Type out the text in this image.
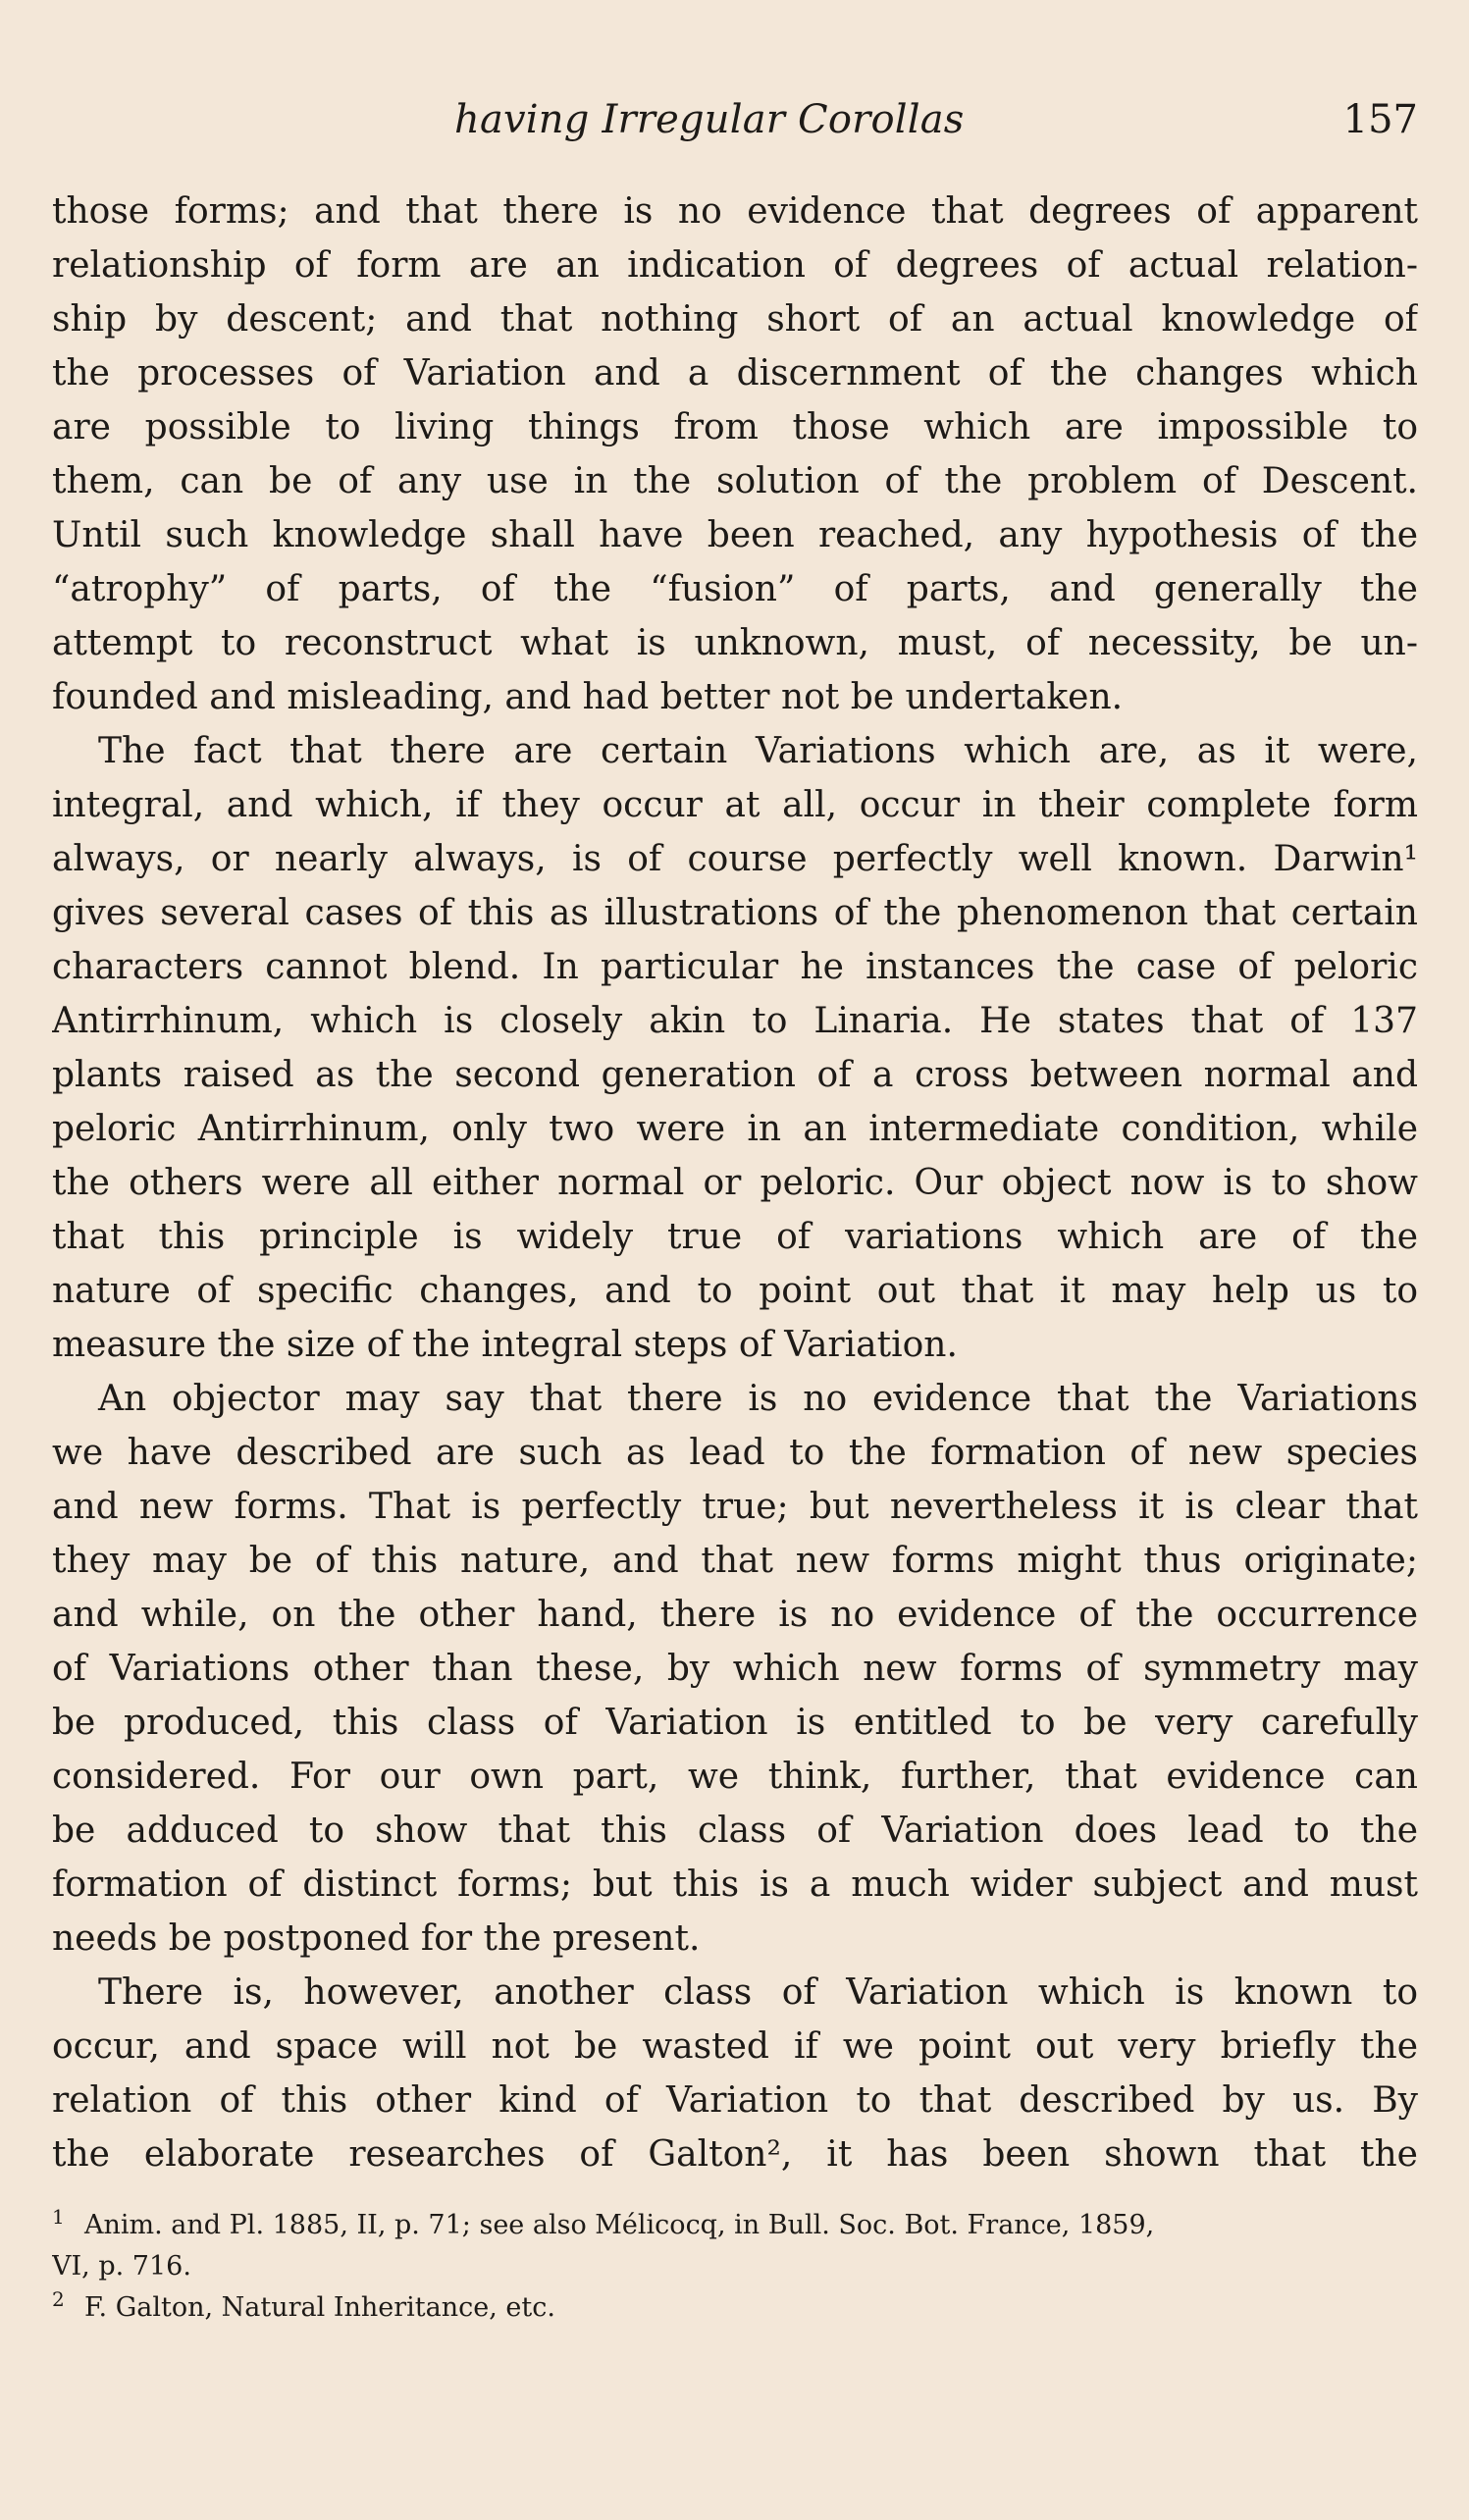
having Irregular Corollas	157
those forms; and that there is no evidence that degrees of apparent
relationship of form are an indication of degrees of actual relation-
ship by descent; and that nothing short of an actual knowledge of
the processes of Variation and a discernment of the changes which
are possible to living things from those which are impossible to
them, can be of any use in the solution of the problem of Descent.
Until such knowledge shall have been reached, any hypothesis of the
“atrophy” of parts, of the “fusion” of parts, and generally the
attempt to reconstruct what is unknown, must, of necessity, be un-
founded and misleading, and had better not be undertaken.
The fact that there are certain Variations which are, as it were,
integral, and which, if they occur at all, occur in their complete form
always, or nearly always, is of course perfectly well known. Darwin¹
gives several cases of this as illustrations of the phenomenon that certain
characters cannot blend. In particular he instances the case of peloric
Antirrhinum, which is closely akin to Linaria. He states that of 137
plants raised as the second generation of a cross between normal and
peloric Antirrhinum, only two were in an intermediate condition, while
the others were all either normal or peloric. Our object now is to show
that this principle is widely true of variations which are of the
nature of specific changes, and to point out that it may help us to
measure the size of the integral steps of Variation.
An objector may say that there is no evidence that the Variations
we have described are such as lead to the formation of new species
and new forms. That is perfectly true; but nevertheless it is clear that
they may be of this nature, and that new forms might thus originate;
and while, on the other hand, there is no evidence of the occurrence
of Variations other than these, by which new forms of symmetry may
be produced, this class of Variation is entitled to be very carefully
considered. For our own part, we think, further, that evidence can
be adduced to show that this class of Variation does lead to the
formation of distinct forms; but this is a much wider subject and must
needs be postponed for the present.
There is, however, another class of Variation which is known to
occur, and space will not be wasted if we point out very briefly the
relation of this other kind of Variation to that described by us. By
the elaborate researches of Galton², it has been shown that the
1 Anim. and Pl. 1885, II, p. 71; see also Mélicocq, in Bull. Soc. Bot. France, 1859,
VI, p. 716.
2 F. Galton, Natural Inheritance, etc.
